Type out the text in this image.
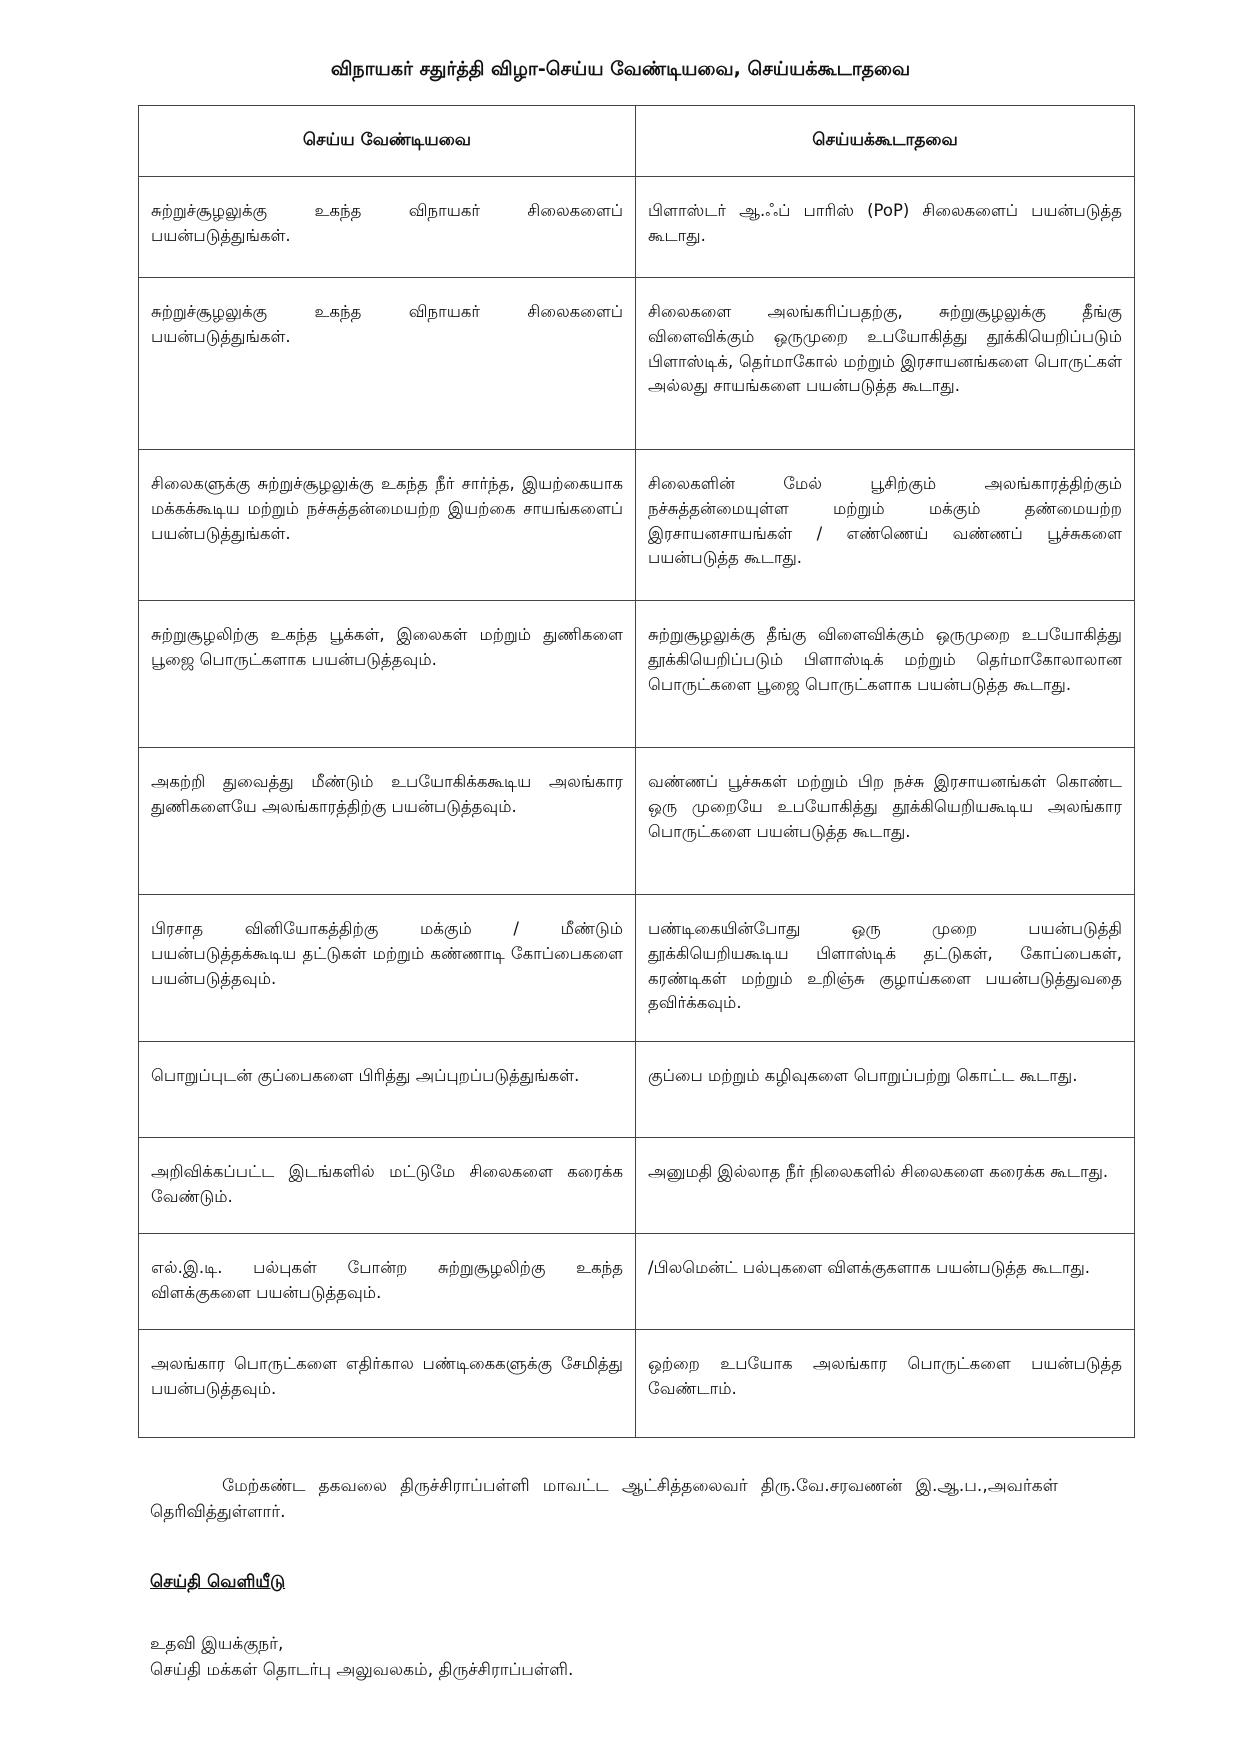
விநாயகர் சதுர்த்தி விழா-செய்ய வேண்டியவை, செய்யக்கூடாதவை
செய்ய வேண்டியவை	செய்யக்கூடாதவை
சுற்றுச்சூழலுக்கு உகந்த விநாயகர் சிலைகளைப் பயன்படுத்துங்கள்.	பிளாஸ்டர் ஆ.ஃப் பாரிஸ் (PoP) சிலைகளைப் பயன்படுத்த கூடாது.
சுற்றுச்சூழலுக்கு உகந்த விநாயகர் சிலைகளைப் பயன்படுத்துங்கள்.	சிலைகளை அலங்கரிப்பதற்கு, சுற்றுசூழலுக்கு தீங்கு விளைவிக்கும் ஒருமுறை உபயோகித்து தூக்கியெறிப்படும் பிளாஸ்டிக், தெர்மாகோல் மற்றும் இரசாயனங்களை பொருட்கள் அல்லது சாயங்களை பயன்படுத்த கூடாது.
சிலைகளுக்கு சுற்றுச்சூழலுக்கு உகந்த நீர் சார்ந்த, இயற்கையாக மக்கக்கூடிய மற்றும் நச்சுத்தன்மையற்ற இயற்கை சாயங்களைப் பயன்படுத்துங்கள்.	சிலைகளின் மேல் பூசிற்கும் அலங்காரத்திற்கும் நச்சுத்தன்மையுள்ள மற்றும் மக்கும் தண்மையற்ற இரசாயனசாயங்கள் / எண்ணெய் வண்ணப் பூச்சுகளை பயன்படுத்த கூடாது.
சுற்றுசூழலிற்கு உகந்த பூக்கள், இலைகள் மற்றும் துணிகளை பூஜை பொருட்களாக பயன்படுத்தவும்.	சுற்றுசூழலுக்கு தீங்கு விளைவிக்கும் ஒருமுறை உபயோகித்து தூக்கியெறிப்படும் பிளாஸ்டிக் மற்றும் தெர்மாகோலாலான பொருட்களை பூஜை பொருட்களாக பயன்படுத்த கூடாது.
அகற்றி துவைத்து மீண்டும் உபயோகிக்ககூடிய அலங்கார துணிகளையே அலங்காரத்திற்கு பயன்படுத்தவும்.	வண்ணப் பூச்சுகள் மற்றும் பிற நச்சு இரசாயனங்கள் கொண்ட ஒரு முறையே உபயோகித்து தூக்கியெறியகூடிய அலங்கார பொருட்களை பயன்படுத்த கூடாது.
பிரசாத வினியோகத்திற்கு மக்கும் / மீண்டும் பயன்படுத்தக்கூடிய தட்டுகள் மற்றும் கண்ணாடி கோப்பைகளை பயன்படுத்தவும்.	பண்டிகையின்போது ஒரு முறை பயன்படுத்தி தூக்கியெறியகூடிய பிளாஸ்டிக் தட்டுகள், கோப்பைகள், கரண்டிகள் மற்றும் உறிஞ்சு குழாய்களை பயன்படுத்துவதை தவிர்க்கவும்.
பொறுப்புடன் குப்பைகளை பிரித்து அப்புறப்படுத்துங்கள்.	குப்பை மற்றும் கழிவுகளை பொறுப்பற்று கொட்ட கூடாது.
அறிவிக்கப்பட்ட இடங்களில் மட்டுமே சிலைகளை கரைக்க வேண்டும்.	அனுமதி இல்லாத நீர் நிலைகளில் சிலைகளை கரைக்க கூடாது.
எல்.இ.டி. பல்புகள் போன்ற சுற்றுசூழலிற்கு உகந்த விளக்குகளை பயன்படுத்தவும்.	/பிலமென்ட் பல்புகளை விளக்குகளாக பயன்படுத்த கூடாது.
அலங்கார பொருட்களை எதிர்கால பண்டிகைகளுக்கு சேமித்து பயன்படுத்தவும்.	ஒற்றை உபயோக அலங்கார பொருட்களை பயன்படுத்த வேண்டாம்.
மேற்கண்ட தகவலை திருச்சிராப்பள்ளி மாவட்ட ஆட்சித்தலைவர் திரு.வே.சரவணன் இ.ஆ.ப.,அவர்கள் தெரிவித்துள்ளார்.
செய்தி வெளியீடு
உதவி இயக்குநர்,
செய்தி மக்கள் தொடர்பு அலுவலகம், திருச்சிராப்பள்ளி.
